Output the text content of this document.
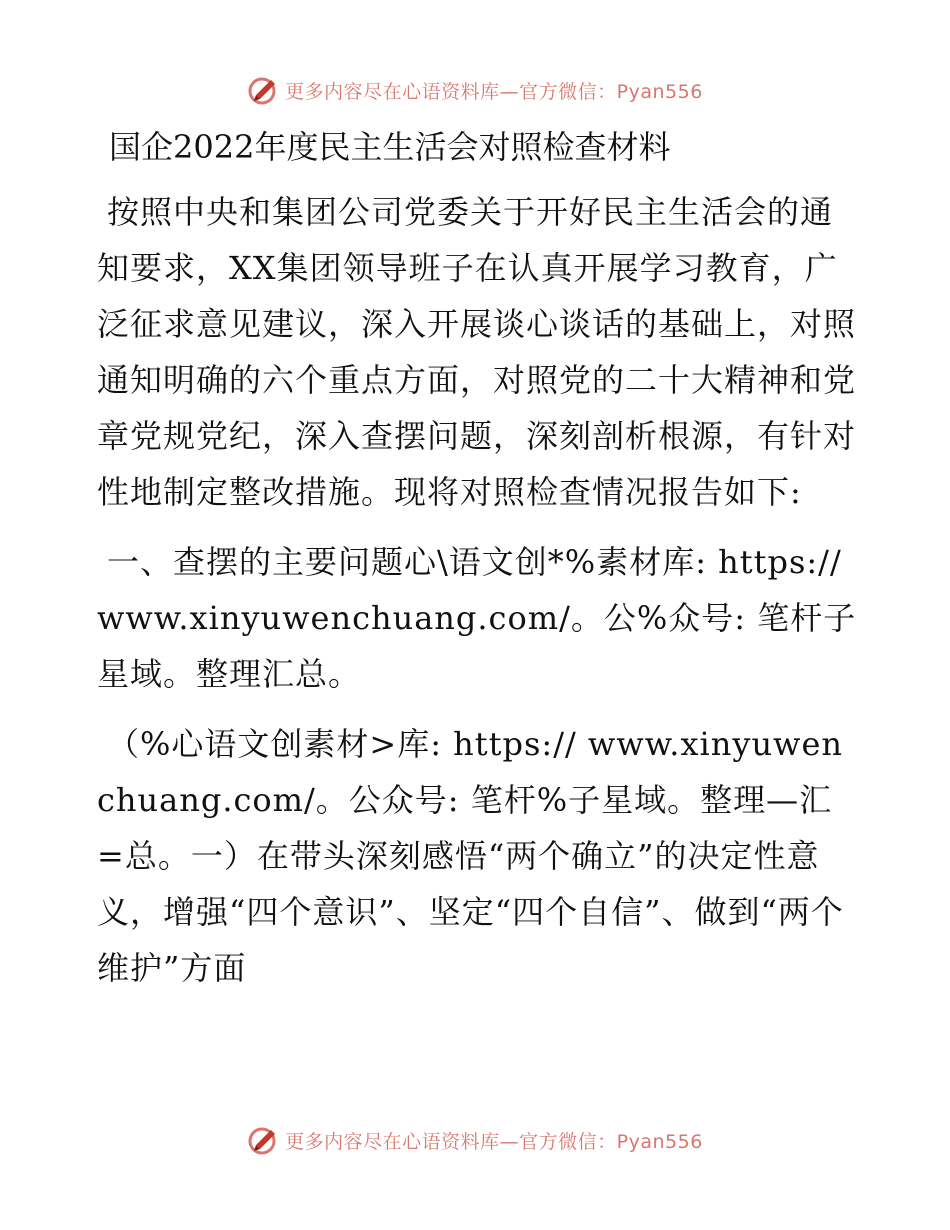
更多内容尽在心语资料库—官方微信：Pyan556
国企2022年度民主生活会对照检查材料

按照中央和集团公司党委关于开好民主生活会的通知要求，XX集团领导班子在认真开展学习教育，广泛征求意见建议，深入开展谈心谈话的基础上，对照通知明确的六个重点方面，对照党的二十大精神和党章党规党纪，深入查摆问题，深刻剖析根源，有针对性地制定整改措施。现将对照检查情况报告如下:

一、查摆的主要问题心\语文创*%素材库: https://www.xinyuwenchuang.com/。公%众号: 笔杆子星域。整理汇总。

（%心语文创素材>库: https:// www.xinyuwenchuang.com/。公众号: 笔杆%子星域。整理—汇=总。一）在带头深刻感悟“两个确立”的决定性意义，增强“四个意识”、坚定“四个自信”、做到“两个维护”方面

更多内容尽在心语资料库—官方微信：Pyan556
